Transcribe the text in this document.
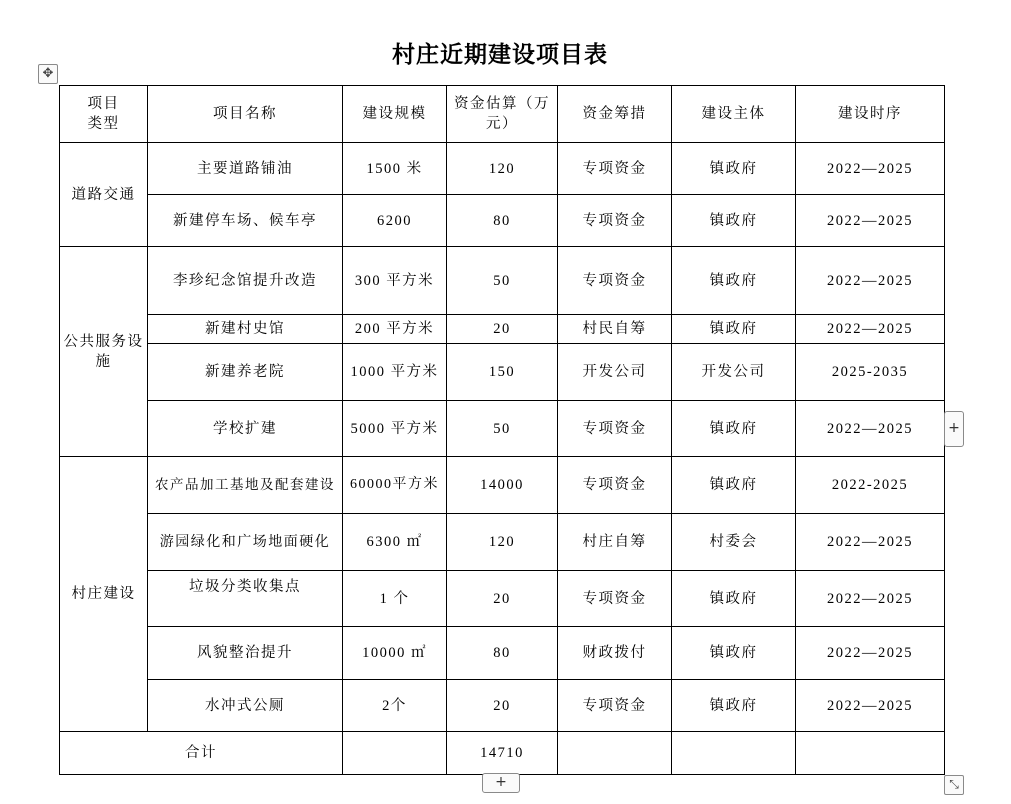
村庄近期建设项目表
✥
项目
类型	项目名称	建设规模	资金估算（万元）	资金筹措	建设主体	建设时序
道路交通	主要道路铺油	1500 米	120	专项资金	镇政府	2022—2025
	新建停车场、候车亭	6200	80	专项资金	镇政府	2022—2025
公共服务设施	李珍纪念馆提升改造	300 平方米	50	专项资金	镇政府	2022—2025
	新建村史馆	200 平方米	20	村民自筹	镇政府	2022—2025
	新建养老院	1000 平方米	150	开发公司	开发公司	2025-2035
	学校扩建	5000 平方米	50	专项资金	镇政府	2022—2025
村庄建设	农产品加工基地及配套建设	60000平方米	14000	专项资金	镇政府	2022-2025
	游园绿化和广场地面硬化	6300 ㎡	120	村庄自筹	村委会	2022—2025
	垃圾分类收集点	1 个	20	专项资金	镇政府	2022—2025
	风貌整治提升	10000 ㎡	80	财政拨付	镇政府	2022—2025
	水冲式公厕	2个	20	专项资金	镇政府	2022—2025
合计			14710			
+
+	⤡
